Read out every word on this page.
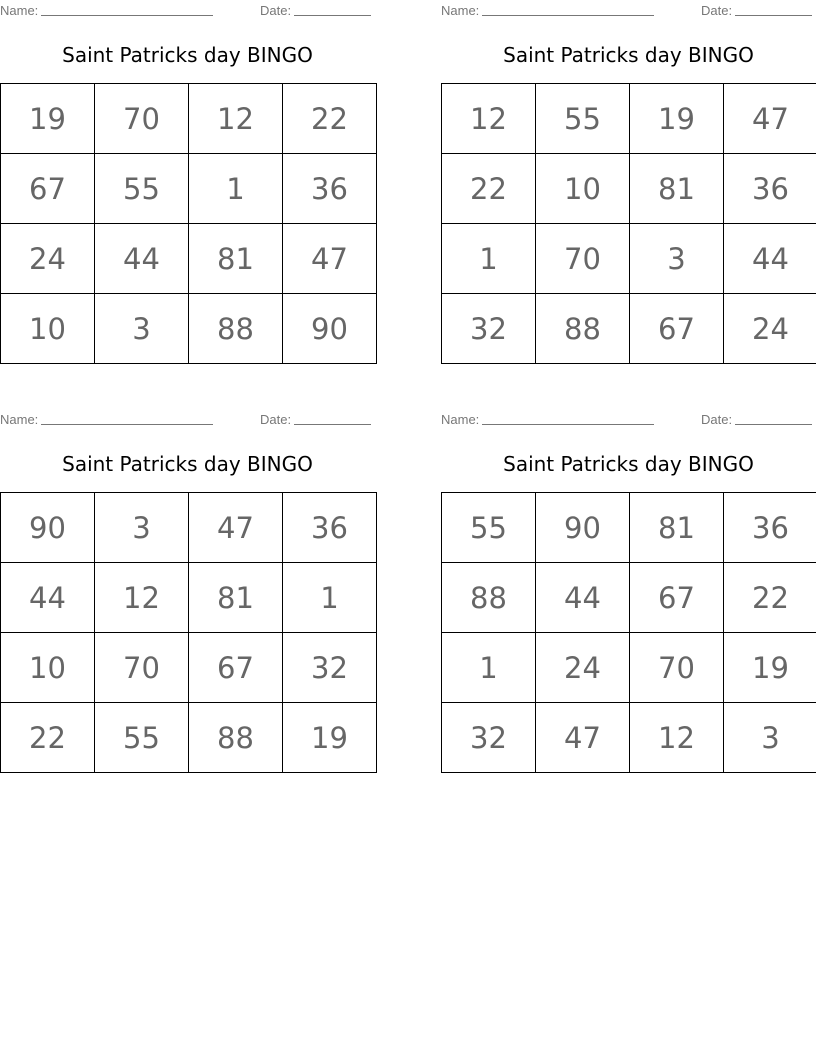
Name:	Date:
Saint Patricks day BINGO
19	70	12	22
67	55	1	36
24	44	81	47
10	3	88	90
Name:	Date:
Saint Patricks day BINGO
12	55	19	47
22	10	81	36
1	70	3	44
32	88	67	24
Name:	Date:
Saint Patricks day BINGO
90	3	47	36
44	12	81	1
10	70	67	32
22	55	88	19
Name:	Date:
Saint Patricks day BINGO
55	90	81	36
88	44	67	22
1	24	70	19
32	47	12	3
